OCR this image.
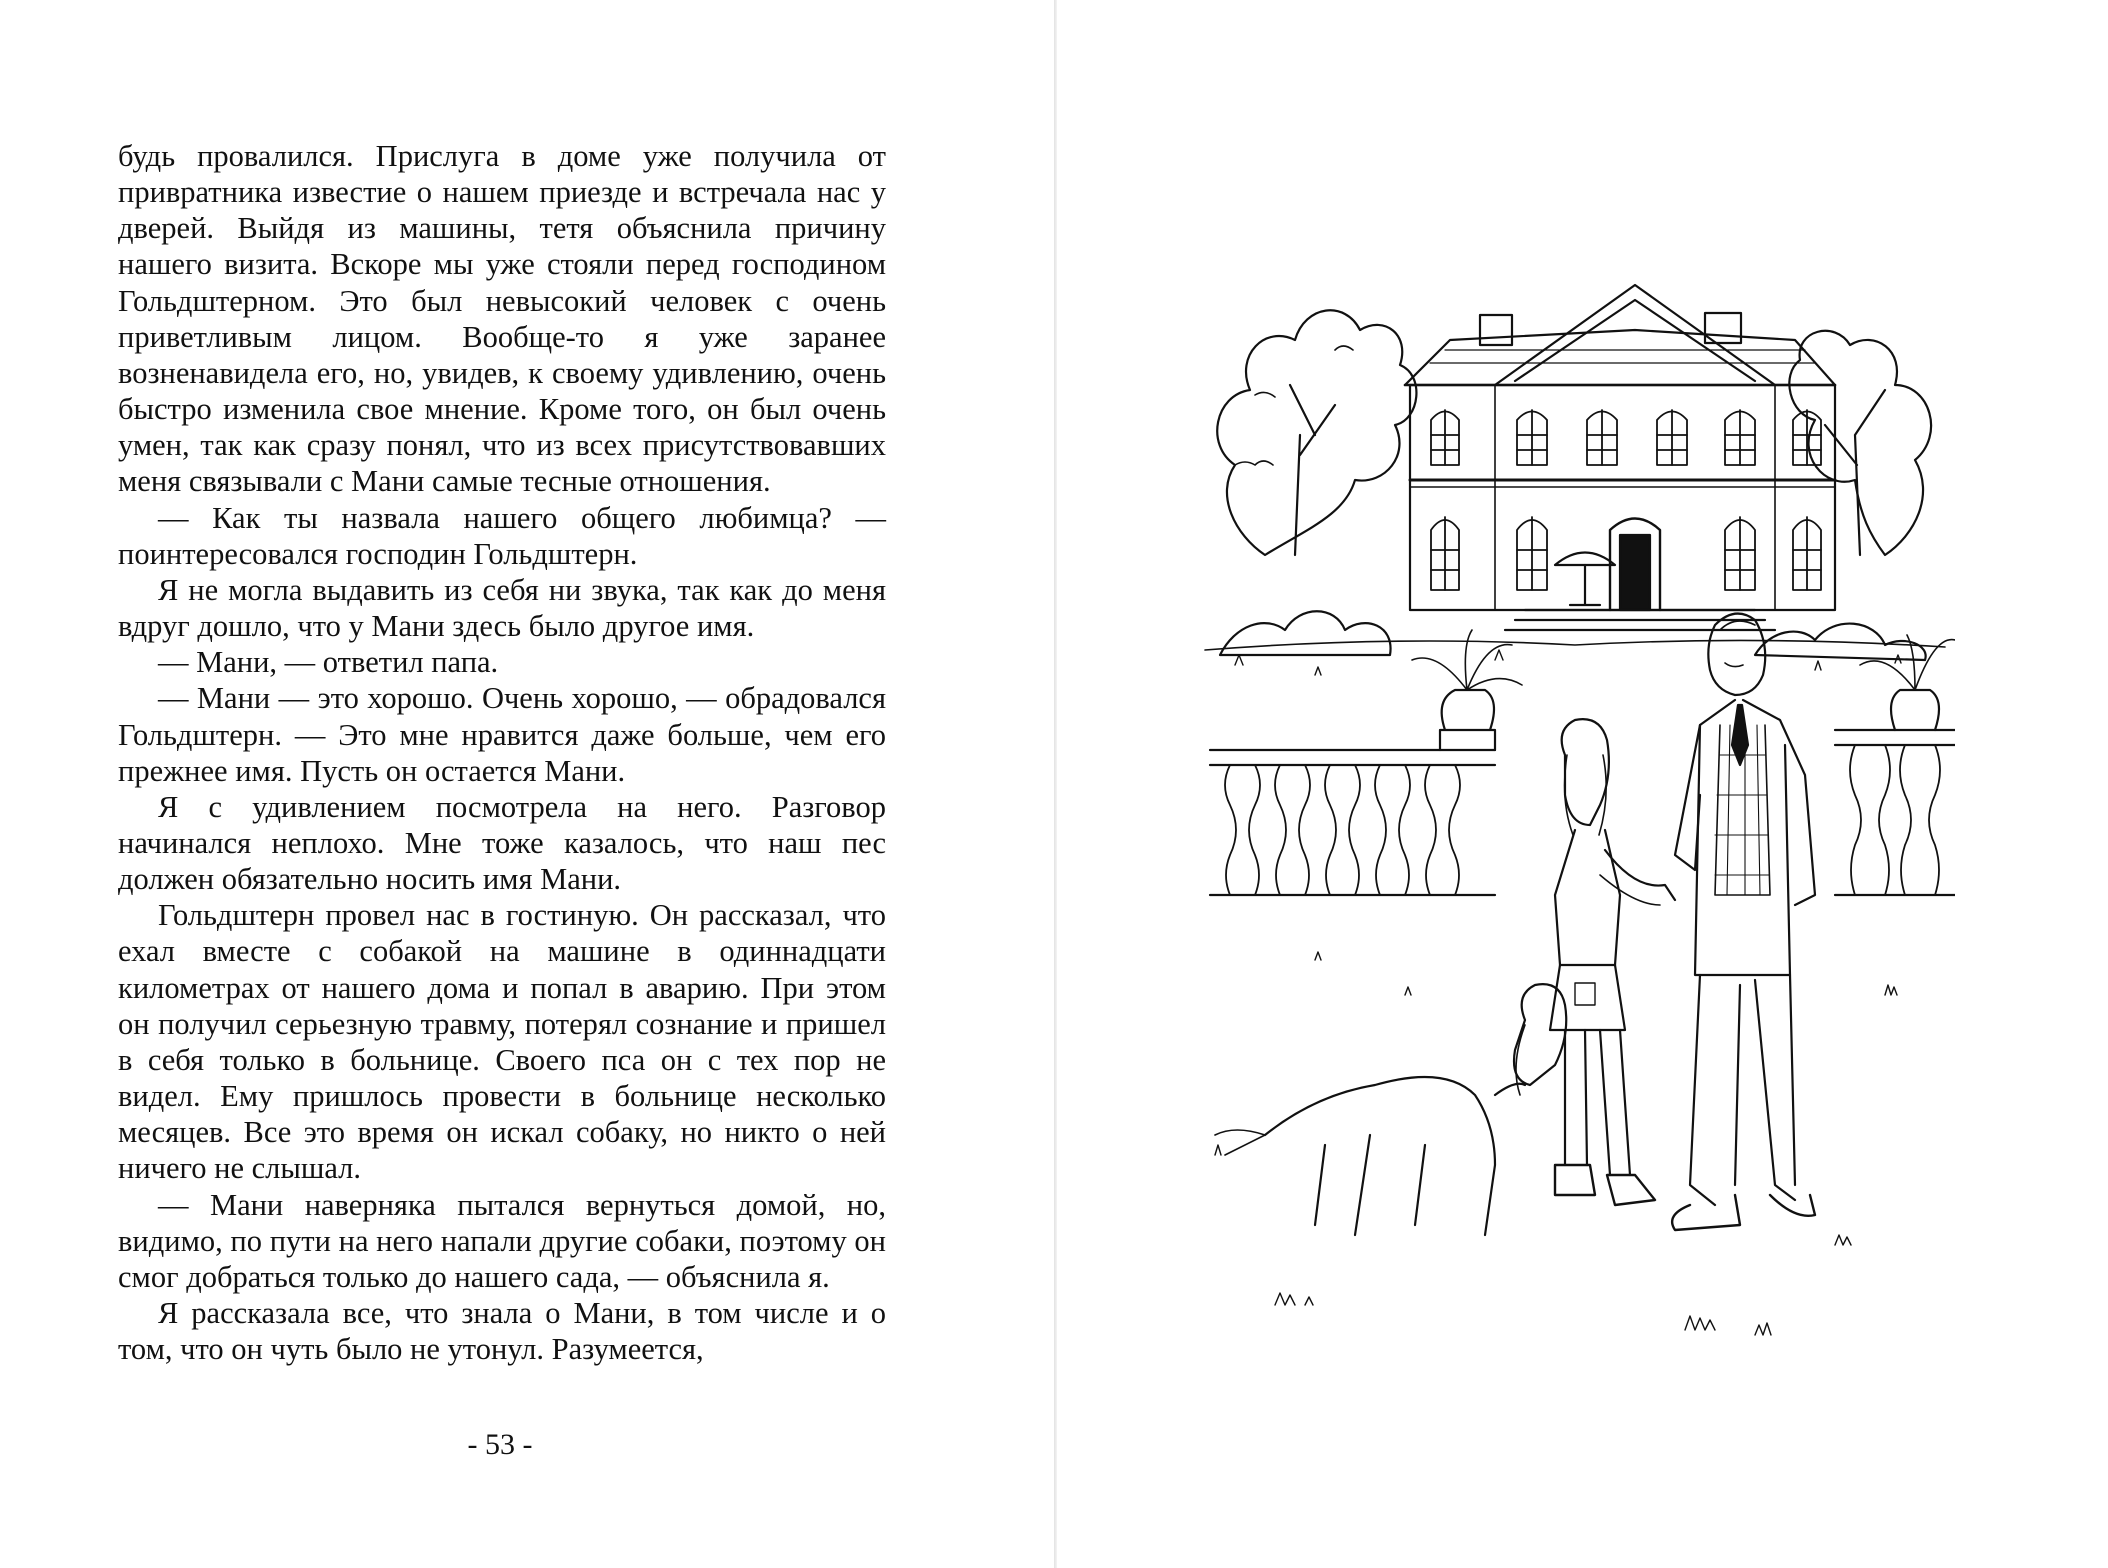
будь провалился. Прислуга в доме уже получила от привратника известие о нашем приезде и встречала нас у дверей. Выйдя из машины, тетя объяснила причину нашего визита. Вскоре мы уже стояли перед господином Гольдштерном. Это был невысокий человек с очень приветливым лицом. Вообще-то я уже заранее возненавидела его, но, увидев, к своему удивлению, очень быстро изменила свое мнение. Кроме того, он был очень умен, так как сразу понял, что из всех присутствовавших меня связывали с Мани самые тесные отношения.

— Как ты назвала нашего общего любимца? — поинтересовался господин Гольдштерн.

Я не могла выдавить из себя ни звука, так как до меня вдруг дошло, что у Мани здесь было другое имя.

— Мани, — ответил папа.

— Мани — это хорошо. Очень хорошо, — обрадовался Гольдштерн. — Это мне нравится даже больше, чем его прежнее имя. Пусть он остается Мани.

Я с удивлением посмотрела на него. Разговор начинался неплохо. Мне тоже казалось, что наш пес должен обязательно носить имя Мани.

Гольдштерн провел нас в гостиную. Он рассказал, что ехал вместе с собакой на машине в одиннадцати километрах от нашего дома и попал в аварию. При этом он получил серьезную травму, потерял сознание и пришел в себя только в больнице. Своего пса он с тех пор не видел. Ему пришлось провести в больнице несколько месяцев. Все это время он искал собаку, но никто о ней ничего не слышал.

— Мани наверняка пытался вернуться домой, но, видимо, по пути на него напали другие собаки, поэтому он смог добраться только до нашего сада, — объяснила я.

Я рассказала все, что знала о Мани, в том числе и о том, что он чуть было не утонул. Разумеется,

- 53 -
